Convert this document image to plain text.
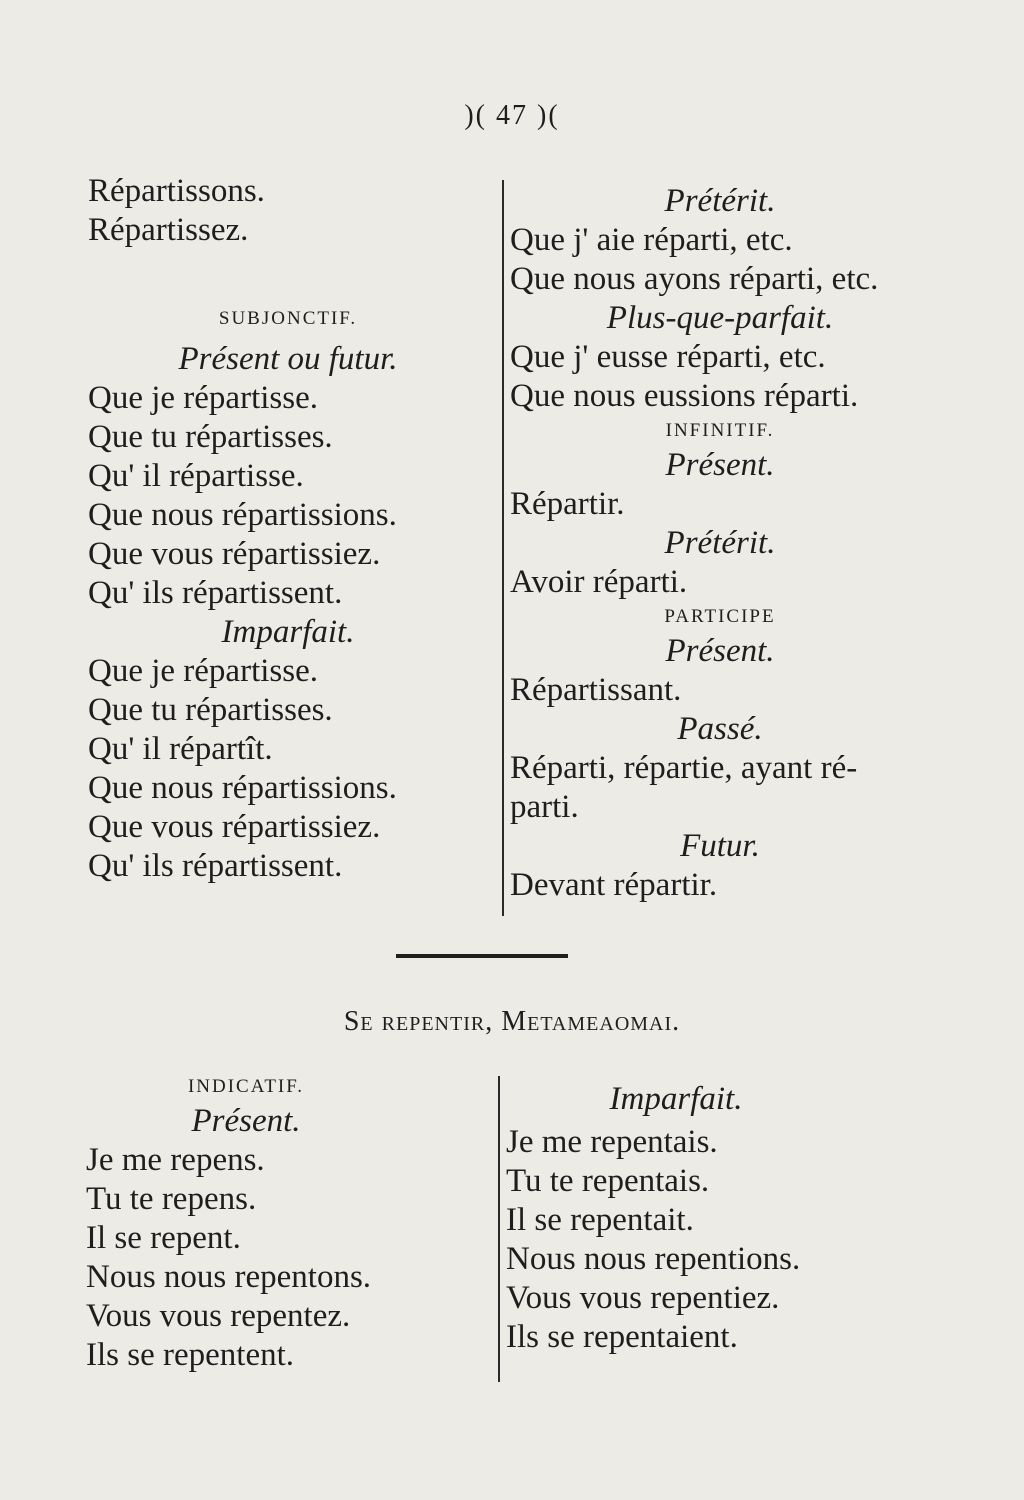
)( 47 )(
Répartissons.
Répartissez.
SUBJONCTIF.
Présent ou futur.
Que je répartisse.
Que tu répartisses.
Qu' il répartisse.
Que nous répartissions.
Que vous répartissiez.
Qu' ils répartissent.
Imparfait.
Que je répartisse.
Que tu répartisses.
Qu' il répartît.
Que nous répartissions.
Que vous répartissiez.
Qu' ils répartissent.
Prétérit.
Que j' aie réparti, etc.
Que nous ayons réparti, etc.
Plus-que-parfait.
Que j' eusse réparti, etc.
Que nous eussions réparti.
INFINITIF.
Présent.
Répartir.
Prétérit.
Avoir réparti.
PARTICIPE
Présent.
Répartissant.
Passé.
Réparti, répartie, ayant ré-
parti.
Futur.
Devant répartir.
Se repentir, Metameaomai.
INDICATIF.
Présent.
Je me repens.
Tu te repens.
Il se repent.
Nous nous repentons.
Vous vous repentez.
Ils se repentent.
Imparfait.
Je me repentais.
Tu te repentais.
Il se repentait.
Nous nous repentions.
Vous vous repentiez.
Ils se repentaient.
